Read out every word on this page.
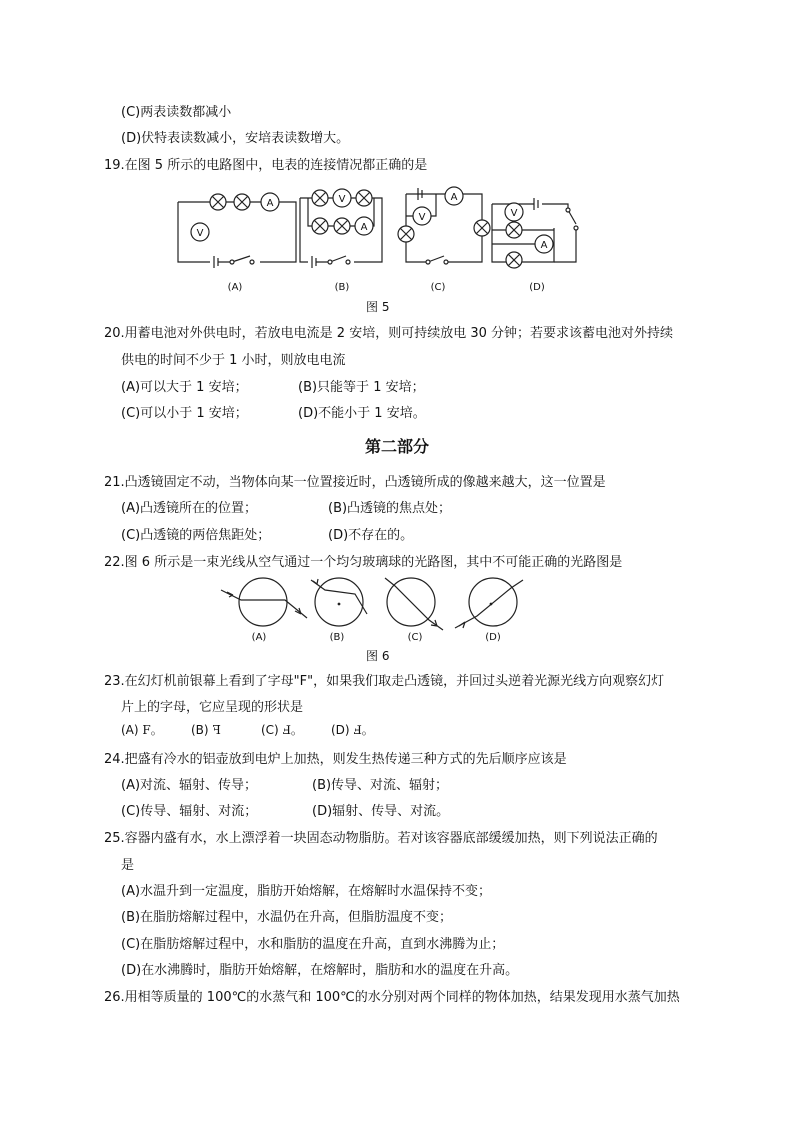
(C)两表读数都减小
(D)伏特表读数减小，安培表读数增大。
19.在图 5 所示的电路图中，电表的连接情况都正确的是
A
V
V
A
A
V	V
A
(A)	(B)	(C)	(D)
图 5
20.用蓄电池对外供电时，若放电电流是 2 安培，则可持续放电 30 分钟；若要求该蓄电池对外持续
供电的时间不少于 1 小时，则放电电流
(A)可以大于 1 安培；	(B)只能等于 1 安培；
(C)可以小于 1 安培；	(D)不能小于 1 安培。
第二部分
21.凸透镜固定不动，当物体向某一位置接近时，凸透镜所成的像越来越大，这一位置是
(A)凸透镜所在的位置；	(B)凸透镜的焦点处；
(C)凸透镜的两倍焦距处；	(D)不存在的。
22.图 6 所示是一束光线从空气通过一个均匀玻璃球的光路图，其中不可能正确的光路图是
(A)	(B)	(C)	(D)
图 6
23.在幻灯机前银幕上看到了字母"F"，如果我们取走凸透镜，并回过头逆着光源光线方向观察幻灯
片上的字母，它应呈现的形状是
(A) F。 (B) ꟻ	(C) Ⅎ。 (D) Ⅎ。
24.把盛有冷水的铝壶放到电炉上加热，则发生热传递三种方式的先后顺序应该是
(A)对流、辐射、传导；	(B)传导、对流、辐射；
(C)传导、辐射、对流；	(D)辐射、传导、对流。
25.容器内盛有水，水上漂浮着一块固态动物脂肪。若对该容器底部缓缓加热，则下列说法正确的
是
(A)水温升到一定温度，脂肪开始熔解，在熔解时水温保持不变；
(B)在脂肪熔解过程中，水温仍在升高，但脂肪温度不变；
(C)在脂肪熔解过程中，水和脂肪的温度在升高，直到水沸腾为止；
(D)在水沸腾时，脂肪开始熔解，在熔解时，脂肪和水的温度在升高。
26.用相等质量的 100℃的水蒸气和 100℃的水分别对两个同样的物体加热，结果发现用水蒸气加热
